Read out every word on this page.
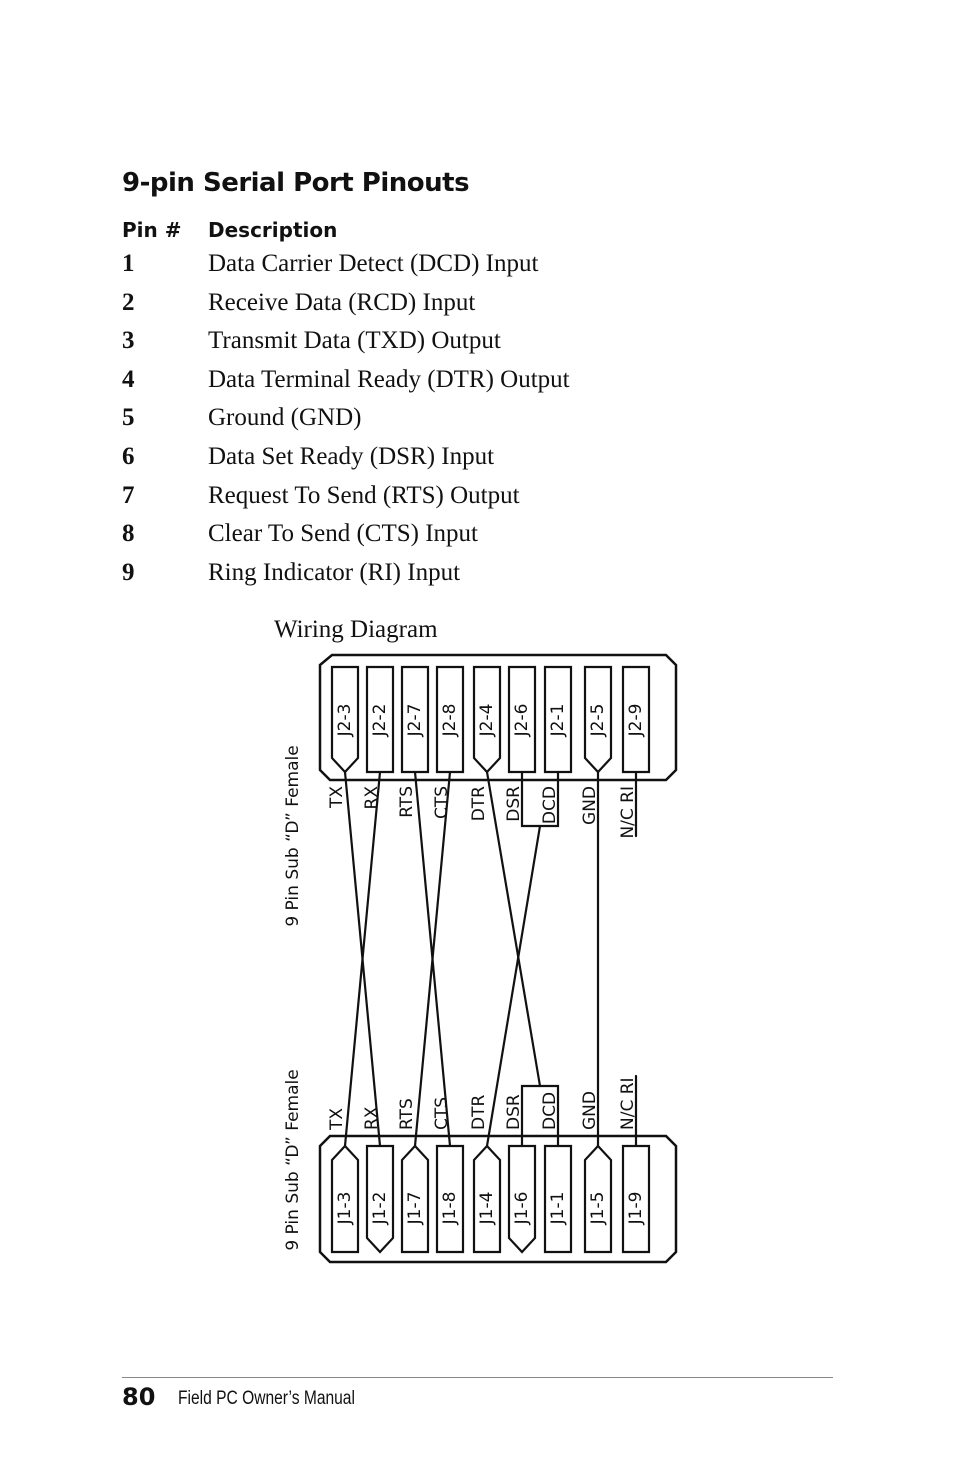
9-pin Serial Port Pinouts
Pin # Description
1	Data Carrier Detect (DCD) Input
2	Receive Data (RCD) Input
3	Transmit Data (TXD) Output
4	Data Terminal Ready (DTR) Output
5	Ground (GND)
6	Data Set Ready (DSR) Input
7	Request To Send (RTS) Output
8	Clear To Send (CTS) Input
9	Ring Indicator (RI) Input
Wiring Diagram
J2-3 J2-2 J2-7 J2-8 J2-4 J2-6 J2-1 J2-5 J2-9
J1-3 J1-2 J1-7 J1-8 J1-4 J1-6 J1-1 J1-5 J1-9
TX
TX
RX
RX
RTS
RTS
CTS
CTS
DTR
DTR
DSR
DSR
DCD
DCD
GND
GND
N/C RI
N/C RI
9 Pin Sub “D” Female
9 Pin Sub “D” Female
80 Field PC Owner’s Manual
